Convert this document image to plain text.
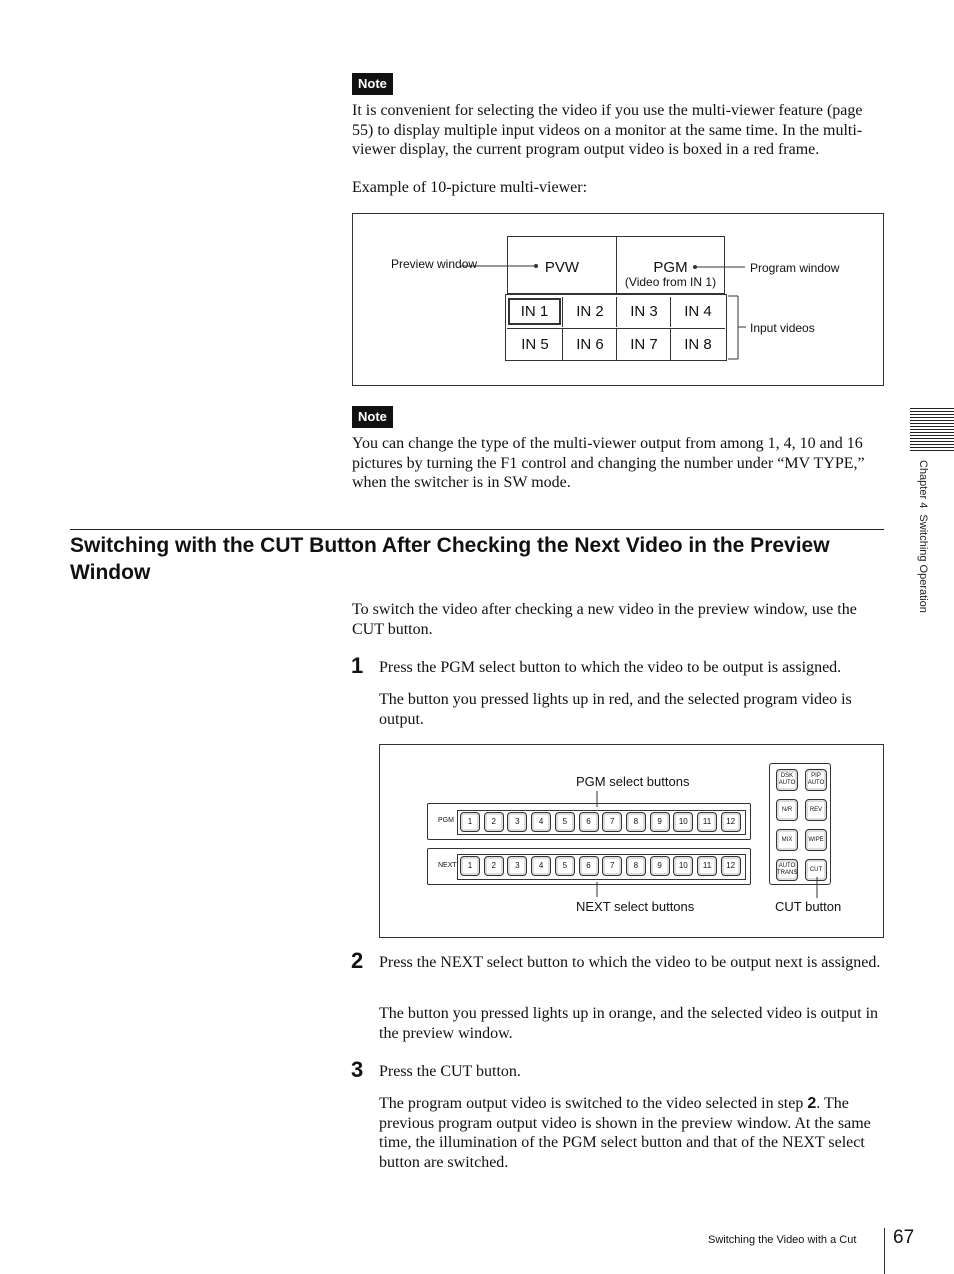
Note
It is convenient for selecting the video if you use the multi-viewer feature (page 55) to display multiple input videos on a monitor at the same time. In the multi-viewer display, the current program output video is boxed in a red frame.
Example of 10-picture multi-viewer:
PVW	PGM
(Video from IN 1)
IN 1	IN 2	IN 3	IN 4
IN 5	IN 6	IN 7	IN 8
Preview window	Program window
Input videos
Note
You can change the type of the multi-viewer output from among 1, 4, 10 and 16 pictures by turning the F1 control and changing the number under “MV TYPE,” when the switcher is in SW mode.
Switching with the CUT Button After Checking the Next Video in the Preview Window
To switch the video after checking a new video in the preview window, use the CUT button.
1 Press the PGM select button to which the video to be output is assigned.
The button you pressed lights up in red, and the selected program video is output.
PGM	1	2	3	4	5	6	7	8	9	10	11	12
NEXT	1	2	3	4	5	6	7	8	9	10	11	12
DSK
AUTO
PIP
AUTO
N/R	REV
MIX	WIPE
AUTO
TRANS
CUT
PGM select buttons
NEXT select buttons	CUT button
2 Press the NEXT select button to which the video to be output next is assigned.
The button you pressed lights up in orange, and the selected video is output in the preview window.
3 Press the CUT button.
The program output video is switched to the video selected in step 2. The previous program output video is shown in the preview window. At the same time, the illumination of the PGM select button and that of the NEXT select button are switched.
Chapter 4  Switching Operation
Switching the Video with a Cut 67
